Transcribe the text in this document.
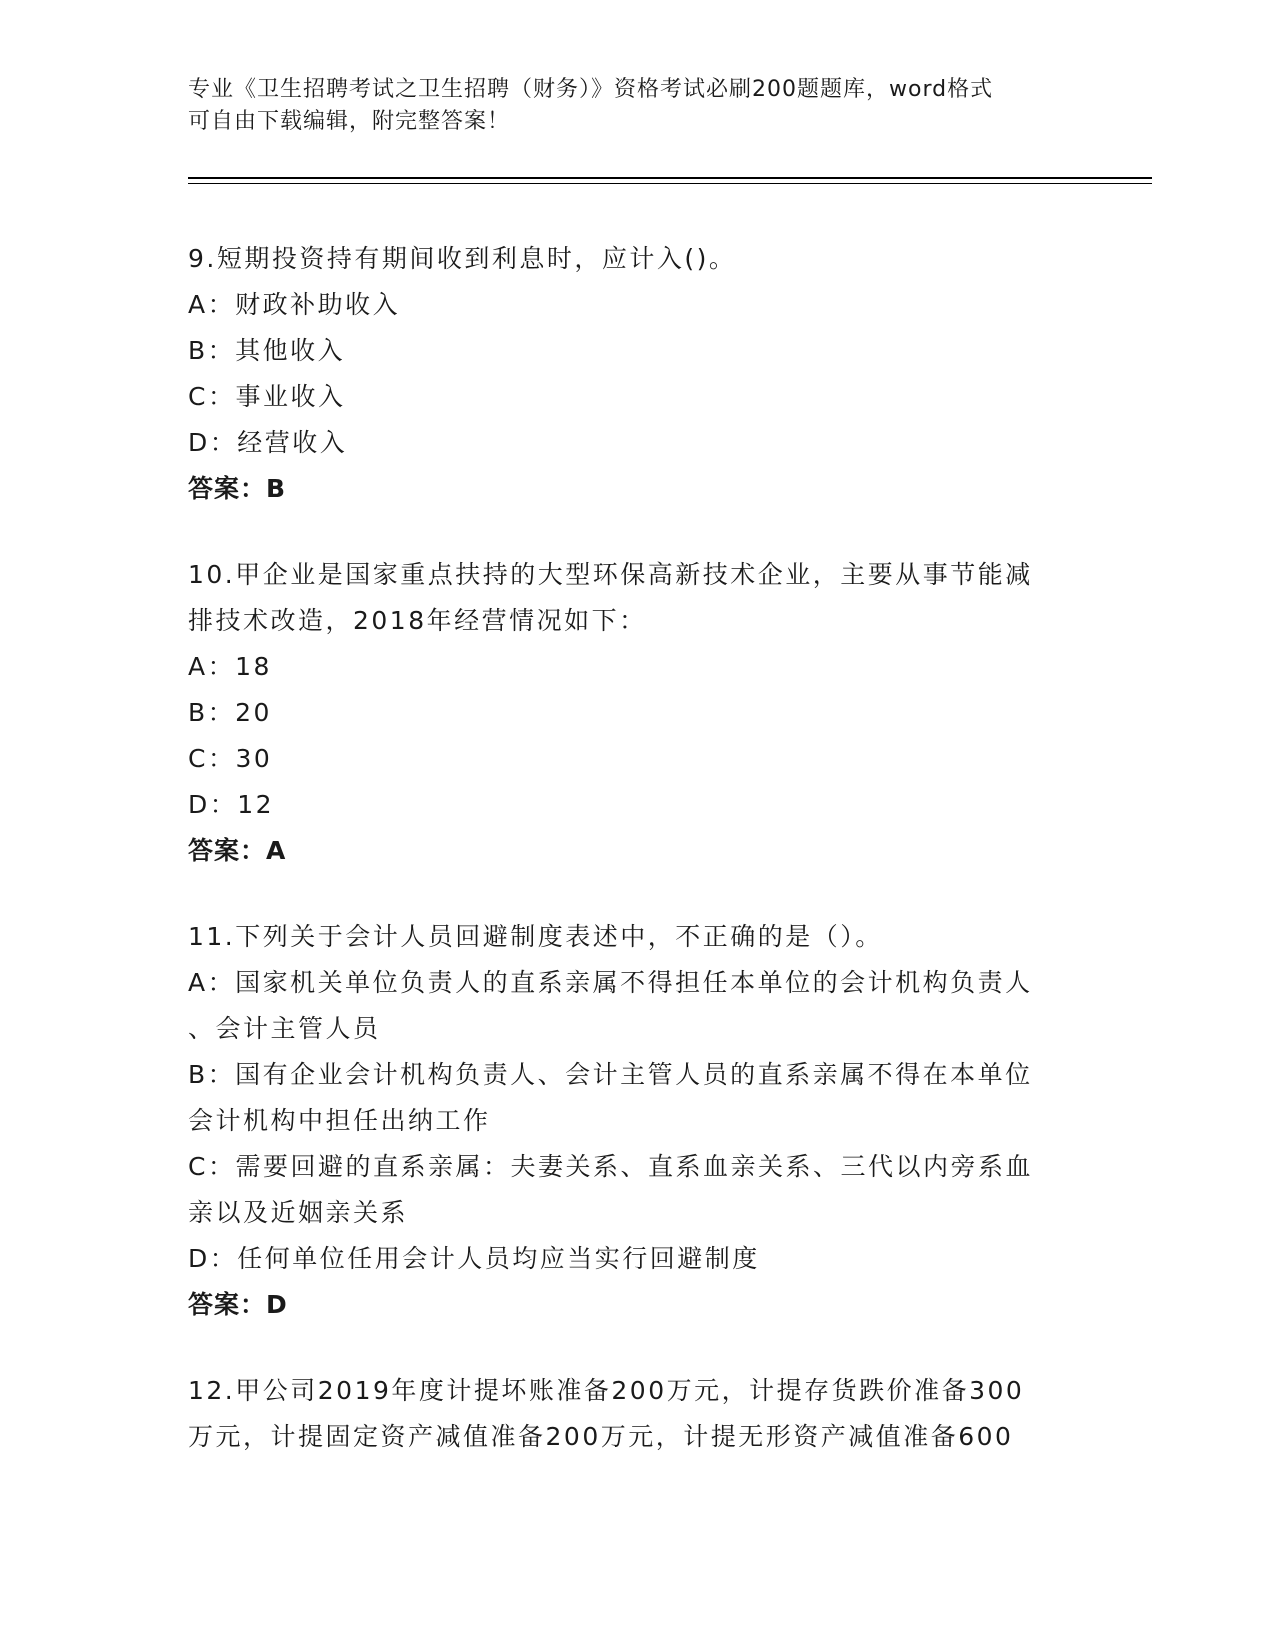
专业《卫生招聘考试之卫生招聘（财务）》资格考试必刷200题题库，word格式
可自由下载编辑，附完整答案！
9.短期投资持有期间收到利息时，应计入()。
A：财政补助收入
B：其他收入
C：事业收入
D：经营收入
答案：B
10.甲企业是国家重点扶持的大型环保高新技术企业，主要从事节能减
排技术改造，2018年经营情况如下：
A：18
B：20
C：30
D：12
答案：A
11.下列关于会计人员回避制度表述中，不正确的是（）。
A：国家机关单位负责人的直系亲属不得担任本单位的会计机构负责人
、会计主管人员
B：国有企业会计机构负责人、会计主管人员的直系亲属不得在本单位
会计机构中担任出纳工作
C：需要回避的直系亲属：夫妻关系、直系血亲关系、三代以内旁系血
亲以及近姻亲关系
D：任何单位任用会计人员均应当实行回避制度
答案：D
12.甲公司2019年度计提坏账准备200万元，计提存货跌价准备300
万元，计提固定资产减值准备200万元，计提无形资产减值准备600
